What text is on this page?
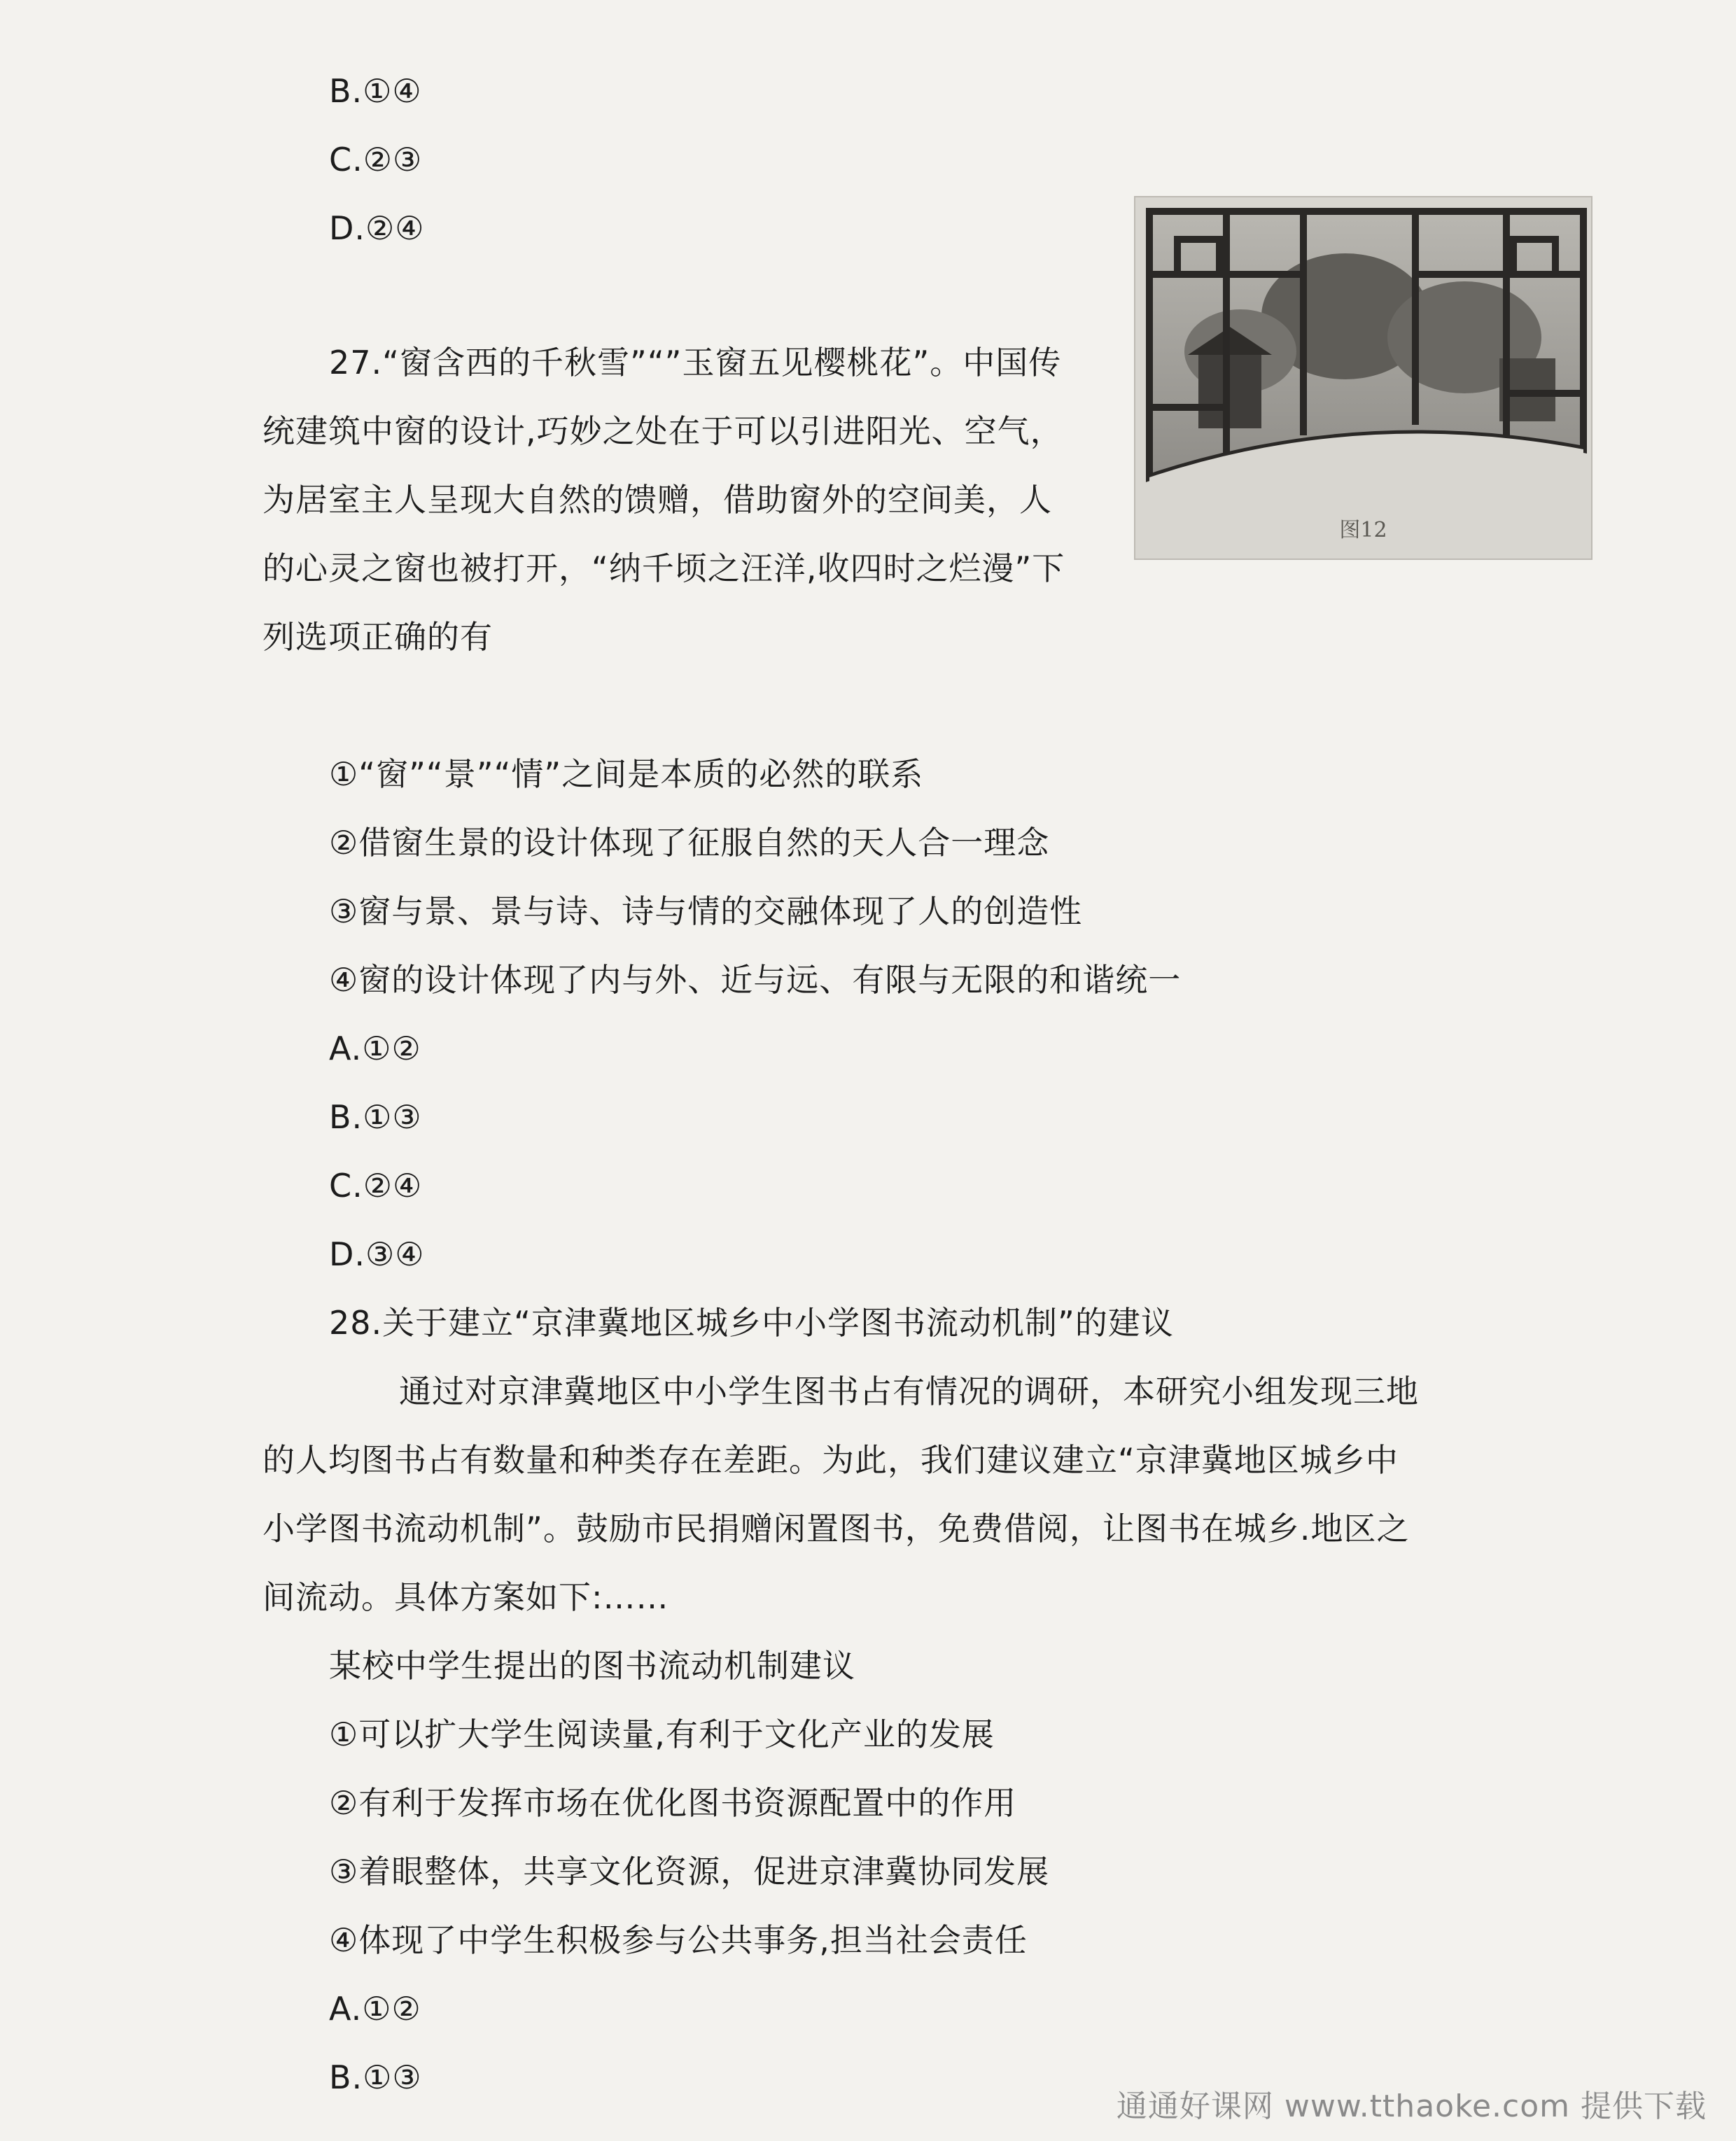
B.①④
C.②③
D.②④
27.“窗含西的千秋雪”“”玉窗五见樱桃花”。中国传
统建筑中窗的设计,巧妙之处在于可以引进阳光、空气，
为居室主人呈现大自然的馈赠，借助窗外的空间美，人
的心灵之窗也被打开，“纳千顷之汪洋,收四时之烂漫”下
列选项正确的有
图12
①“窗”“景”“情”之间是本质的必然的联系
②借窗生景的设计体现了征服自然的天人合一理念
③窗与景、景与诗、诗与情的交融体现了人的创造性
④窗的设计体现了内与外、近与远、有限与无限的和谐统一
A.①②
B.①③
C.②④
D.③④
28.关于建立“京津冀地区城乡中小学图书流动机制”的建议
通过对京津冀地区中小学生图书占有情况的调研，本研究小组发现三地
的人均图书占有数量和种类存在差距。为此，我们建议建立“京津冀地区城乡中
小学图书流动机制”。鼓励市民捐赠闲置图书，免费借阅，让图书在城乡.地区之
间流动。具体方案如下:……
某校中学生提出的图书流动机制建议
①可以扩大学生阅读量,有利于文化产业的发展
②有利于发挥市场在优化图书资源配置中的作用
③着眼整体，共享文化资源，促进京津冀协同发展
④体现了中学生积极参与公共事务,担当社会责任
A.①②
B.①③
通通好课网 www.tthaoke.com 提供下载
